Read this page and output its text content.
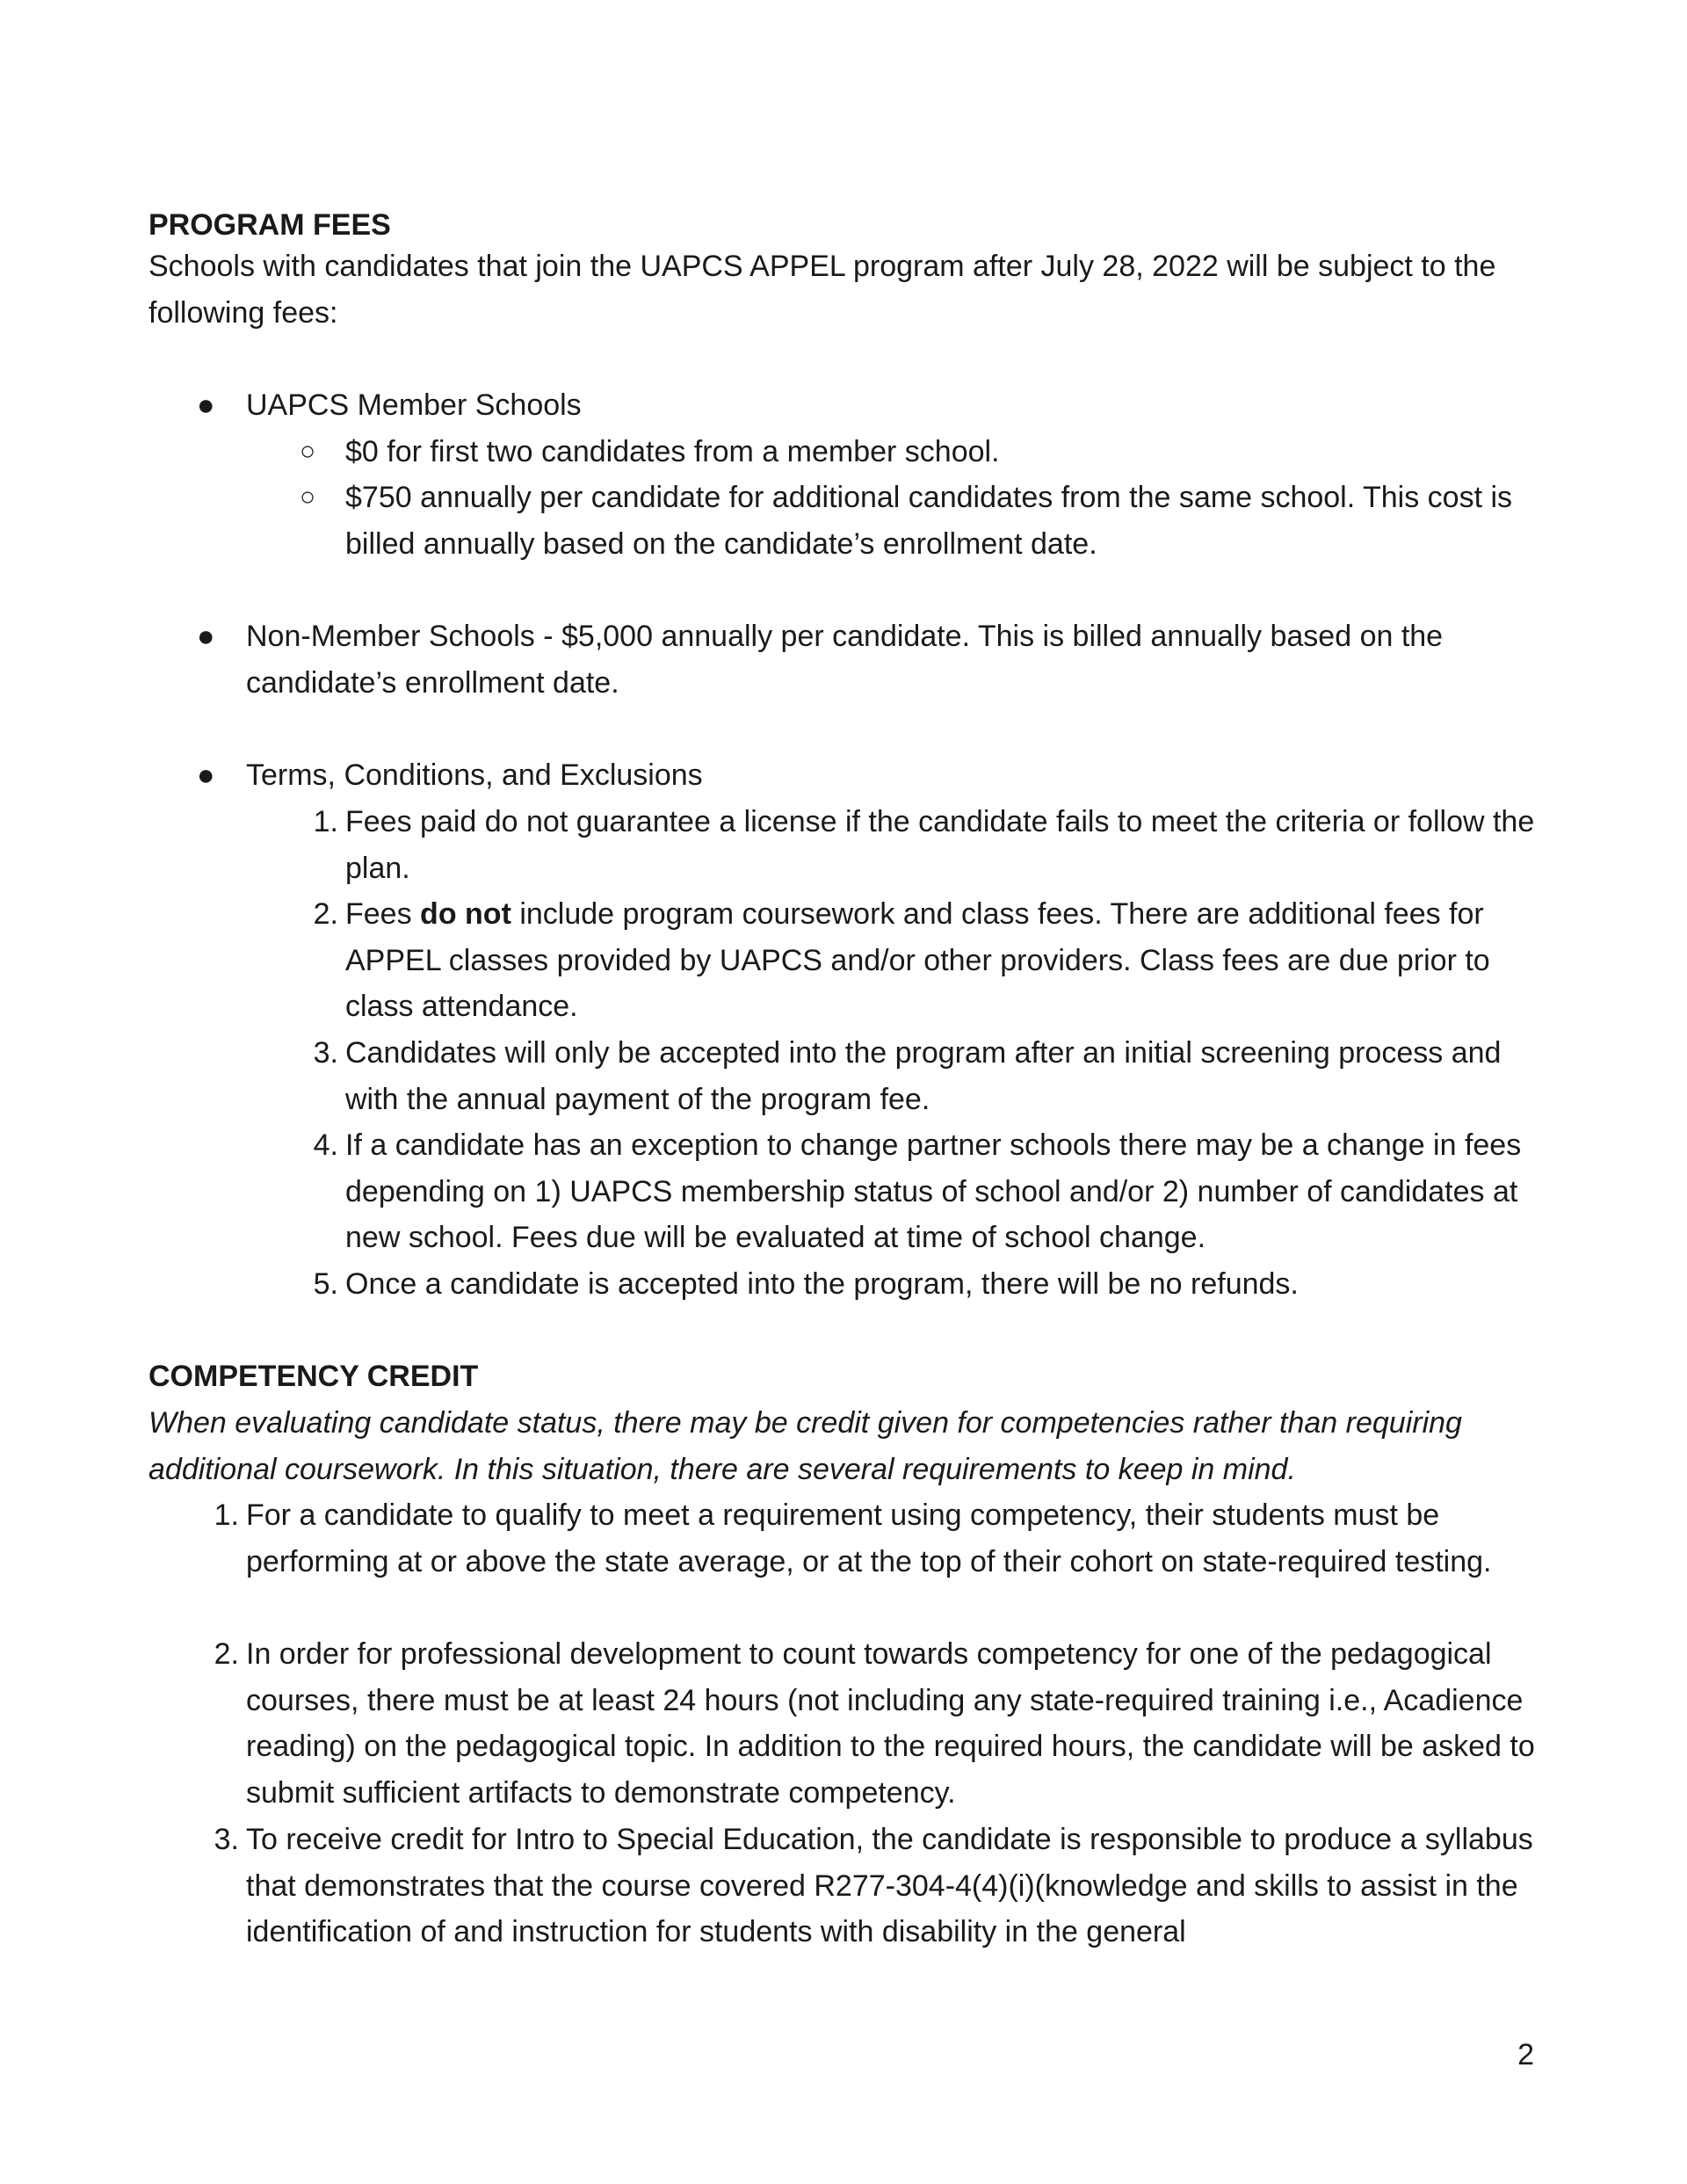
PROGRAM FEES

Schools with candidates that join the UAPCS APPEL program after July 28, 2022 will be subject to the following fees:

● UAPCS Member Schools
○ $0 for first two candidates from a member school.
○ $750 annually per candidate for additional candidates from the same school. This cost is billed annually based on the candidate’s enrollment date.
● Non-Member Schools - $5,000 annually per candidate. This is billed annually based on the candidate’s enrollment date.
● Terms, Conditions, and Exclusions
1. Fees paid do not guarantee a license if the candidate fails to meet the criteria or follow the plan.
2. Fees do not include program coursework and class fees. There are additional fees for APPEL classes provided by UAPCS and/or other providers. Class fees are due prior to class attendance.
3. Candidates will only be accepted into the program after an initial screening process and with the annual payment of the program fee.
4. If a candidate has an exception to change partner schools there may be a change in fees depending on 1) UAPCS membership status of school and/or 2) number of candidates at new school. Fees due will be evaluated at time of school change.
5. Once a candidate is accepted into the program, there will be no refunds.
COMPETENCY CREDIT

When evaluating candidate status, there may be credit given for competencies rather than requiring additional coursework. In this situation, there are several requirements to keep in mind.

1. For a candidate to qualify to meet a requirement using competency, their students must be performing at or above the state average, or at the top of their cohort on state-required testing.
2. In order for professional development to count towards competency for one of the pedagogical courses, there must be at least 24 hours (not including any state-required training i.e., Acadience reading) on the pedagogical topic. In addition to the required hours, the candidate will be asked to submit sufficient artifacts to demonstrate competency.
3. To receive credit for Intro to Special Education, the candidate is responsible to produce a syllabus that demonstrates that the course covered R277-304-4(4)(i)(knowledge and skills to assist in the identification of and instruction for students with disability in the general
2
